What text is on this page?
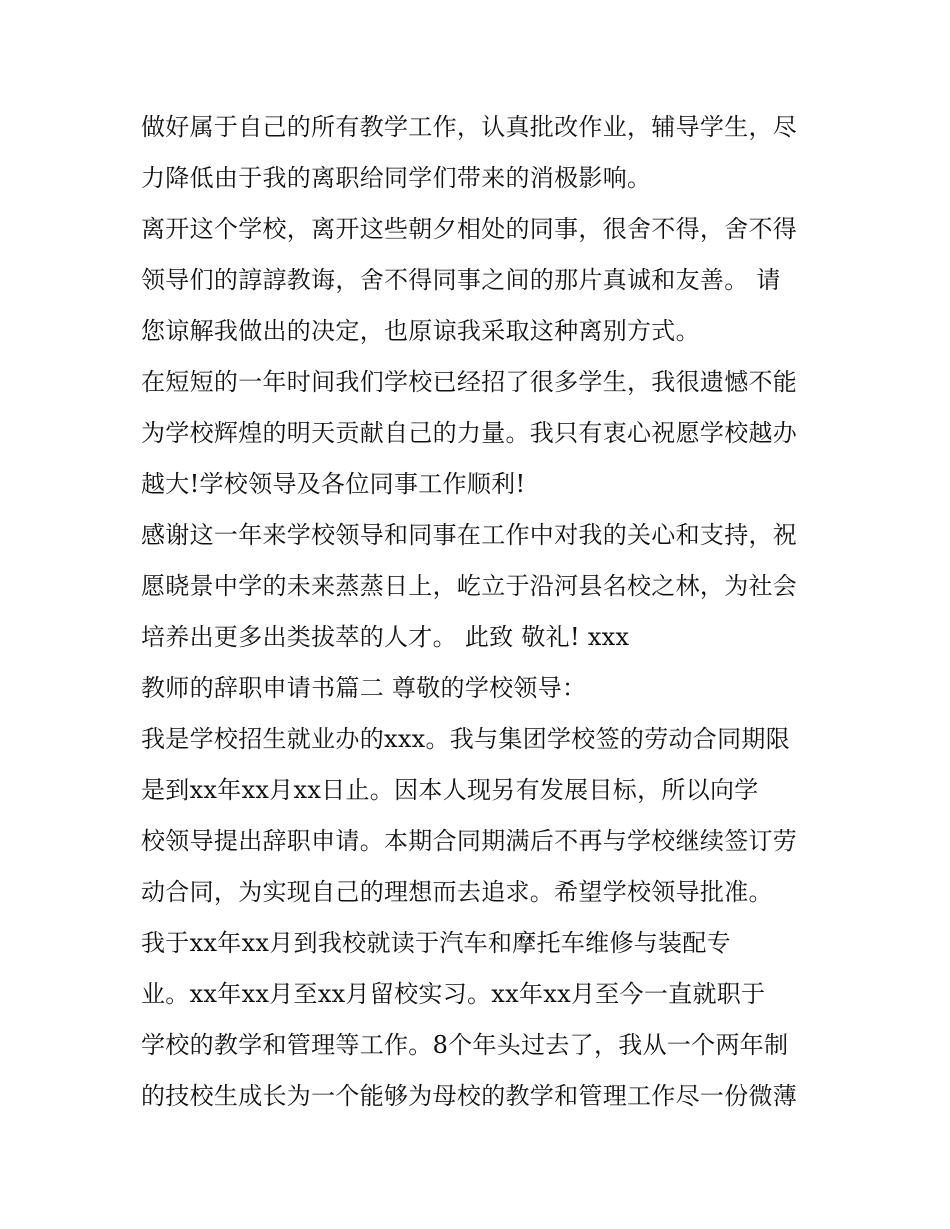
做好属于自己的所有教学工作，认真批改作业，辅导学生，尽
力降低由于我的离职给同学们带来的消极影响。
离开这个学校，离开这些朝夕相处的同事，很舍不得，舍不得
领导们的諄諄教诲，舍不得同事之间的那片真诚和友善。 请
您谅解我做出的决定，也原谅我采取这种离别方式。
在短短的一年时间我们学校已经招了很多学生，我很遗憾不能
为学校辉煌的明天贡献自己的力量。我只有衷心祝愿学校越办
越大!学校领导及各位同事工作顺利!
感谢这一年来学校领导和同事在工作中对我的关心和支持，祝
愿晓景中学的未来蒸蒸日上，屹立于沿河县名校之林，为社会
培养出更多出类拔萃的人才。 此致 敬礼! xxx
教师的辞职申请书篇二 尊敬的学校领导：
我是学校招生就业办的xxx。我与集团学校签的劳动合同期限
是到xx年xx月xx日止。因本人现另有发展目标，所以向学
校领导提出辞职申请。本期合同期满后不再与学校继续签订劳
动合同，为实现自己的理想而去追求。希望学校领导批准。
我于xx年xx月到我校就读于汽车和摩托车维修与装配专
业。xx年xx月至xx月留校实习。xx年xx月至今一直就职于
学校的教学和管理等工作。8个年头过去了，我从一个两年制
的技校生成长为一个能够为母校的教学和管理工作尽一份微薄
